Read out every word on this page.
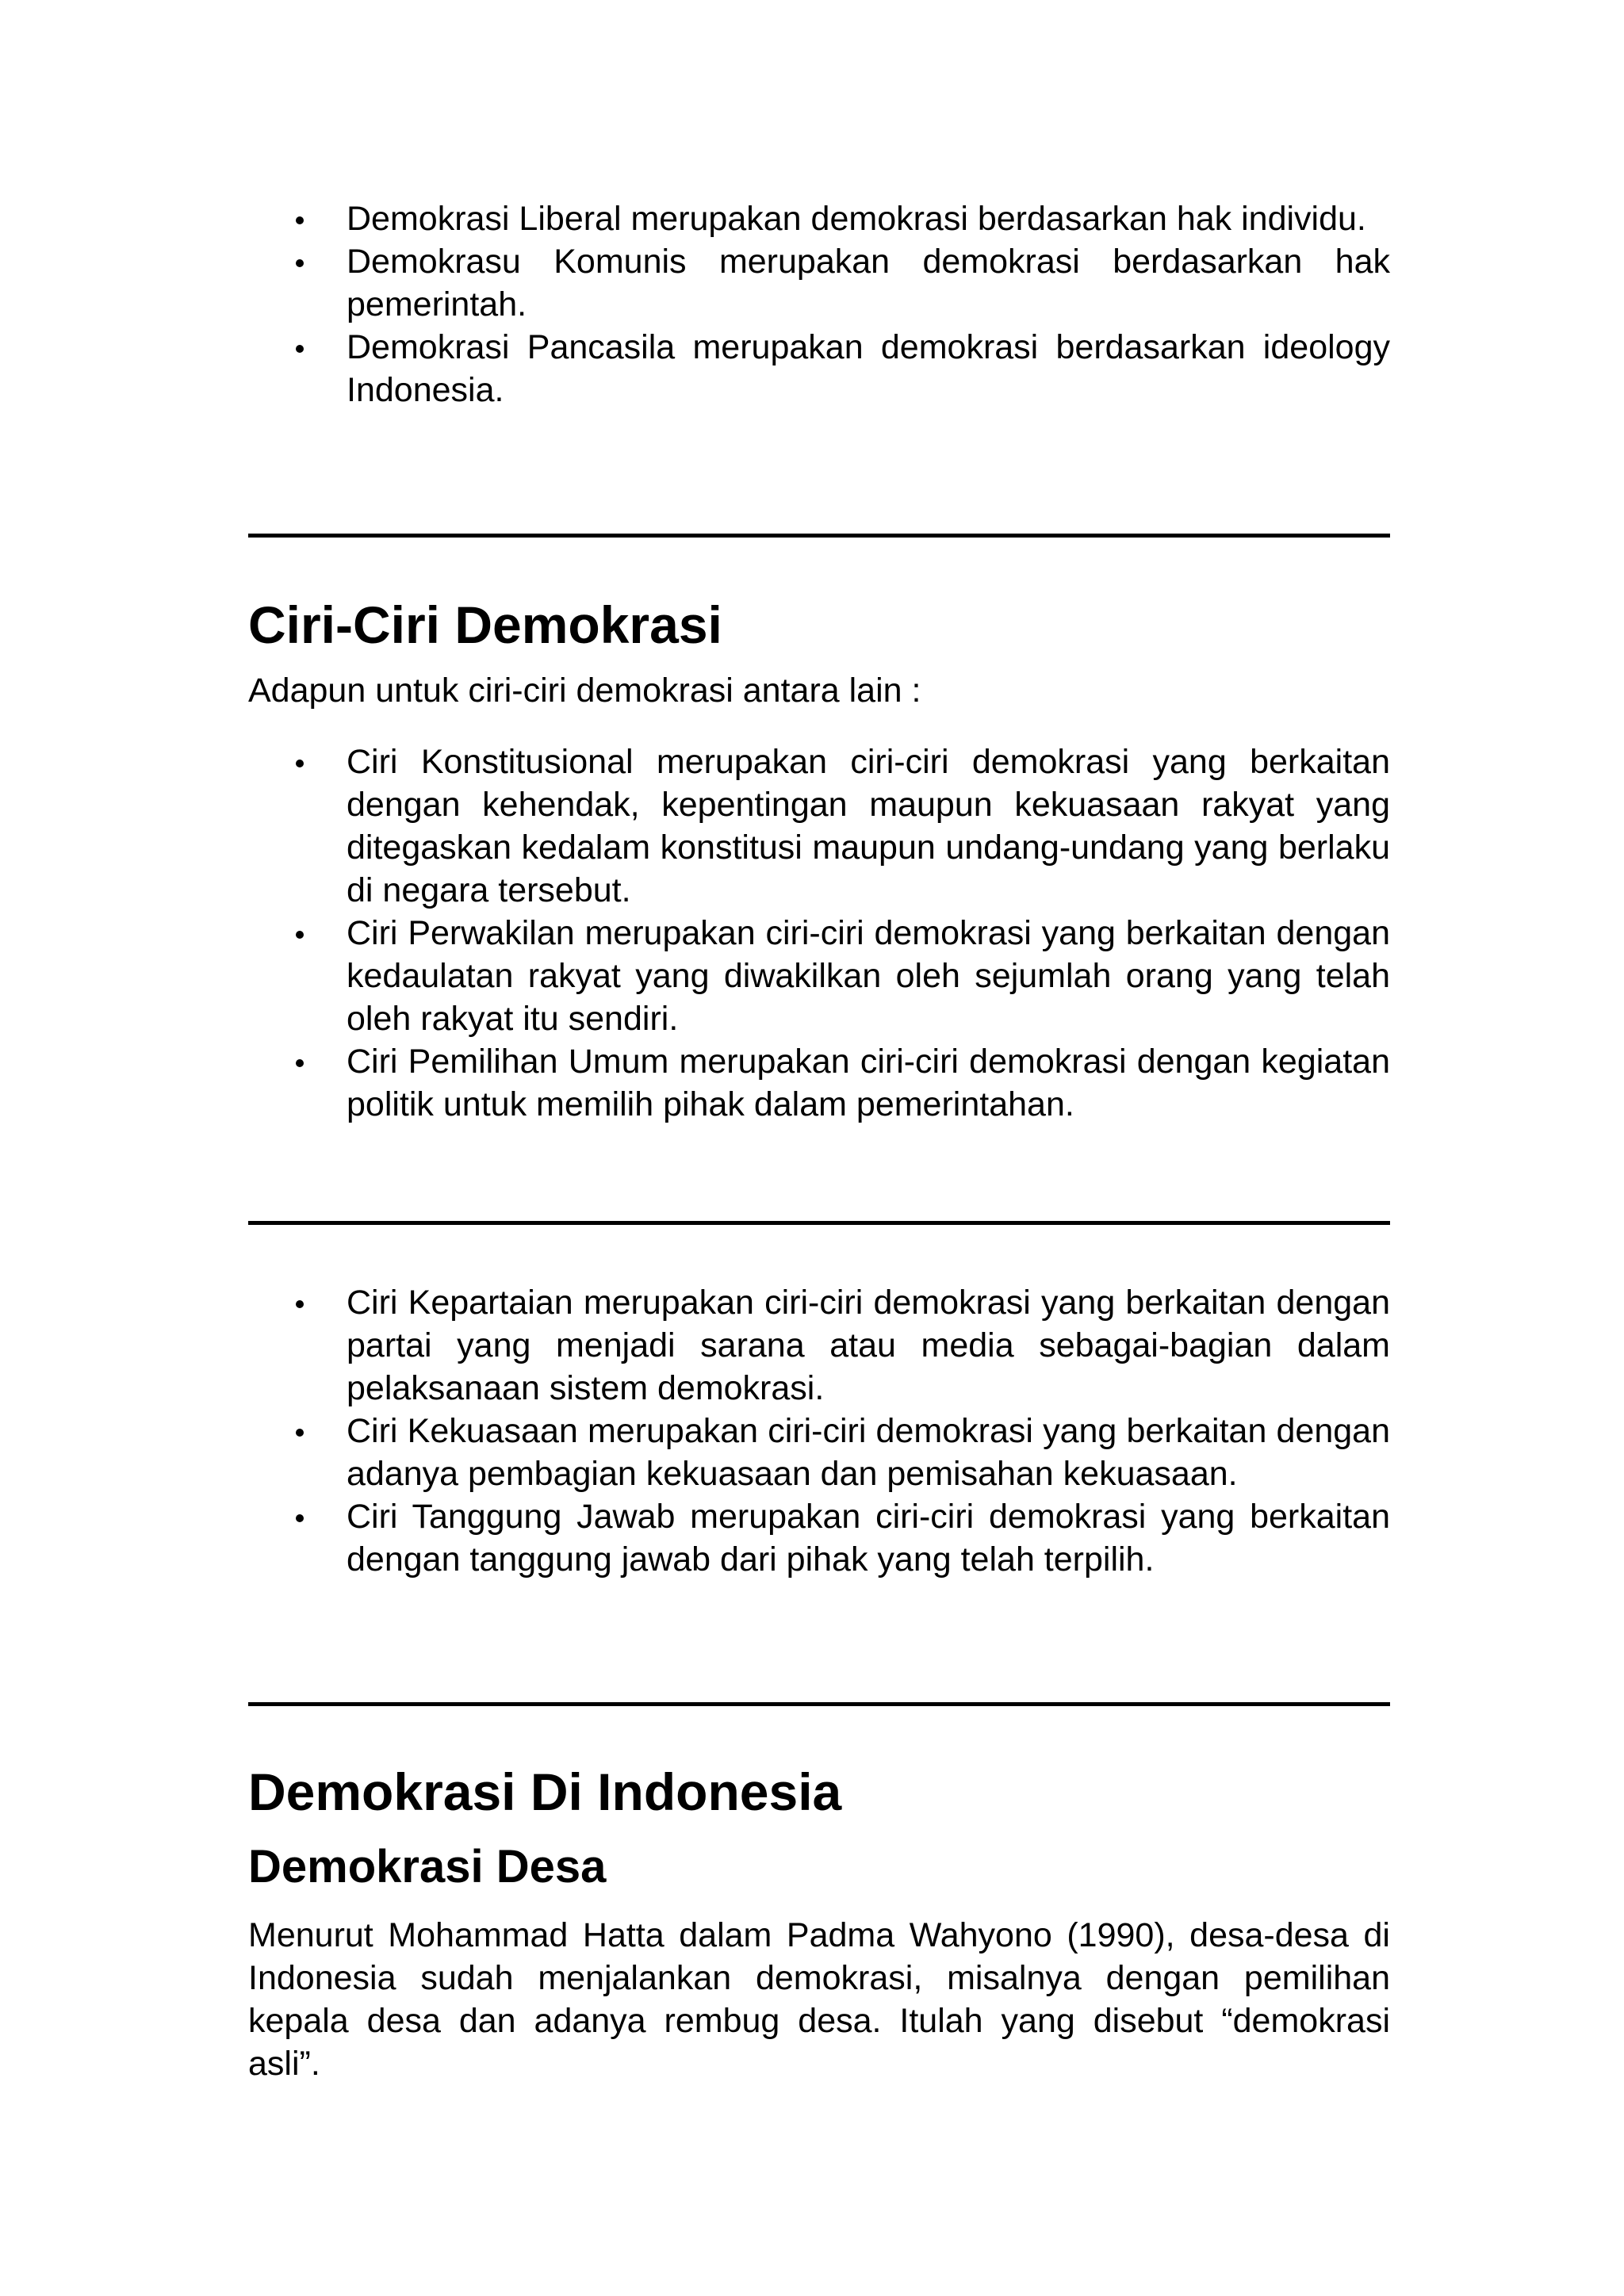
Demokrasi Liberal merupakan demokrasi berdasarkan hak individu.
Demokrasu Komunis merupakan demokrasi berdasarkan hak pemerintah.
Demokrasi Pancasila merupakan demokrasi berdasarkan ideology Indonesia.
Ciri-Ciri Demokrasi

Adapun untuk ciri-ciri demokrasi antara lain :

Ciri Konstitusional merupakan ciri-ciri demokrasi yang berkaitan dengan kehendak, kepentingan maupun kekuasaan rakyat yang ditegaskan kedalam konstitusi maupun undang-undang yang berlaku di negara tersebut.
Ciri Perwakilan merupakan ciri-ciri demokrasi yang berkaitan dengan kedaulatan rakyat yang diwakilkan oleh sejumlah orang yang telah oleh rakyat itu sendiri.
Ciri Pemilihan Umum merupakan ciri-ciri demokrasi dengan kegiatan politik untuk memilih pihak dalam pemerintahan.
Ciri Kepartaian merupakan ciri-ciri demokrasi yang berkaitan dengan partai yang menjadi sarana atau media sebagai-bagian dalam pelaksanaan sistem demokrasi.
Ciri Kekuasaan merupakan ciri-ciri demokrasi yang berkaitan dengan adanya pembagian kekuasaan dan pemisahan kekuasaan.
Ciri Tanggung Jawab merupakan ciri-ciri demokrasi yang berkaitan dengan tanggung jawab dari pihak yang telah terpilih.
Demokrasi Di Indonesia
Demokrasi Desa

Menurut Mohammad Hatta dalam Padma Wahyono (1990), desa-desa di Indonesia sudah menjalankan demokrasi, misalnya dengan pemilihan kepala desa dan adanya rembug desa. Itulah yang disebut “demokrasi asli”.
